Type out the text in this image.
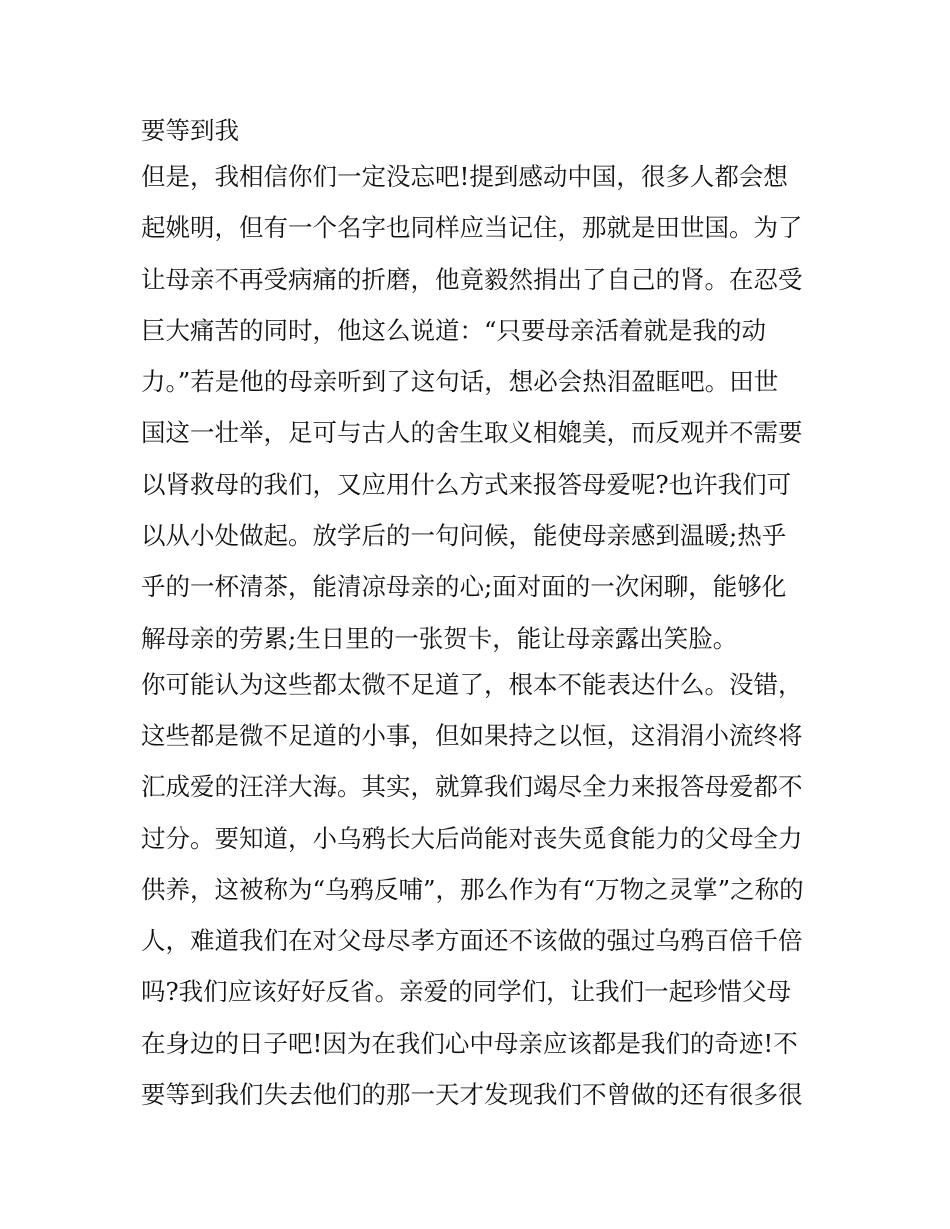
要等到我
但是，我相信你们一定没忘吧!提到感动中国，很多人都会想
起姚明，但有一个名字也同样应当记住，那就是田世国。为了
让母亲不再受病痛的折磨，他竟毅然捐出了自己的肾。在忍受
巨大痛苦的同时，他这么说道：“只要母亲活着就是我的动
力。”若是他的母亲听到了这句话，想必会热泪盈眶吧。田世
国这一壮举，足可与古人的舍生取义相媲美，而反观并不需要
以肾救母的我们，又应用什么方式来报答母爱呢?也许我们可
以从小处做起。放学后的一句问候，能使母亲感到温暖;热乎
乎的一杯清茶，能清凉母亲的心;面对面的一次闲聊，能够化
解母亲的劳累;生日里的一张贺卡，能让母亲露出笑脸。
你可能认为这些都太微不足道了，根本不能表达什么。没错，
这些都是微不足道的小事，但如果持之以恒，这涓涓小流终将
汇成爱的汪洋大海。其实，就算我们竭尽全力来报答母爱都不
过分。要知道，小乌鸦长大后尚能对丧失觅食能力的父母全力
供养，这被称为“乌鸦反哺”，那么作为有“万物之灵掌”之称的
人，难道我们在对父母尽孝方面还不该做的强过乌鸦百倍千倍
吗?我们应该好好反省。亲爱的同学们，让我们一起珍惜父母
在身边的日子吧!因为在我们心中母亲应该都是我们的奇迹!不
要等到我们失去他们的那一天才发现我们不曾做的还有很多很
